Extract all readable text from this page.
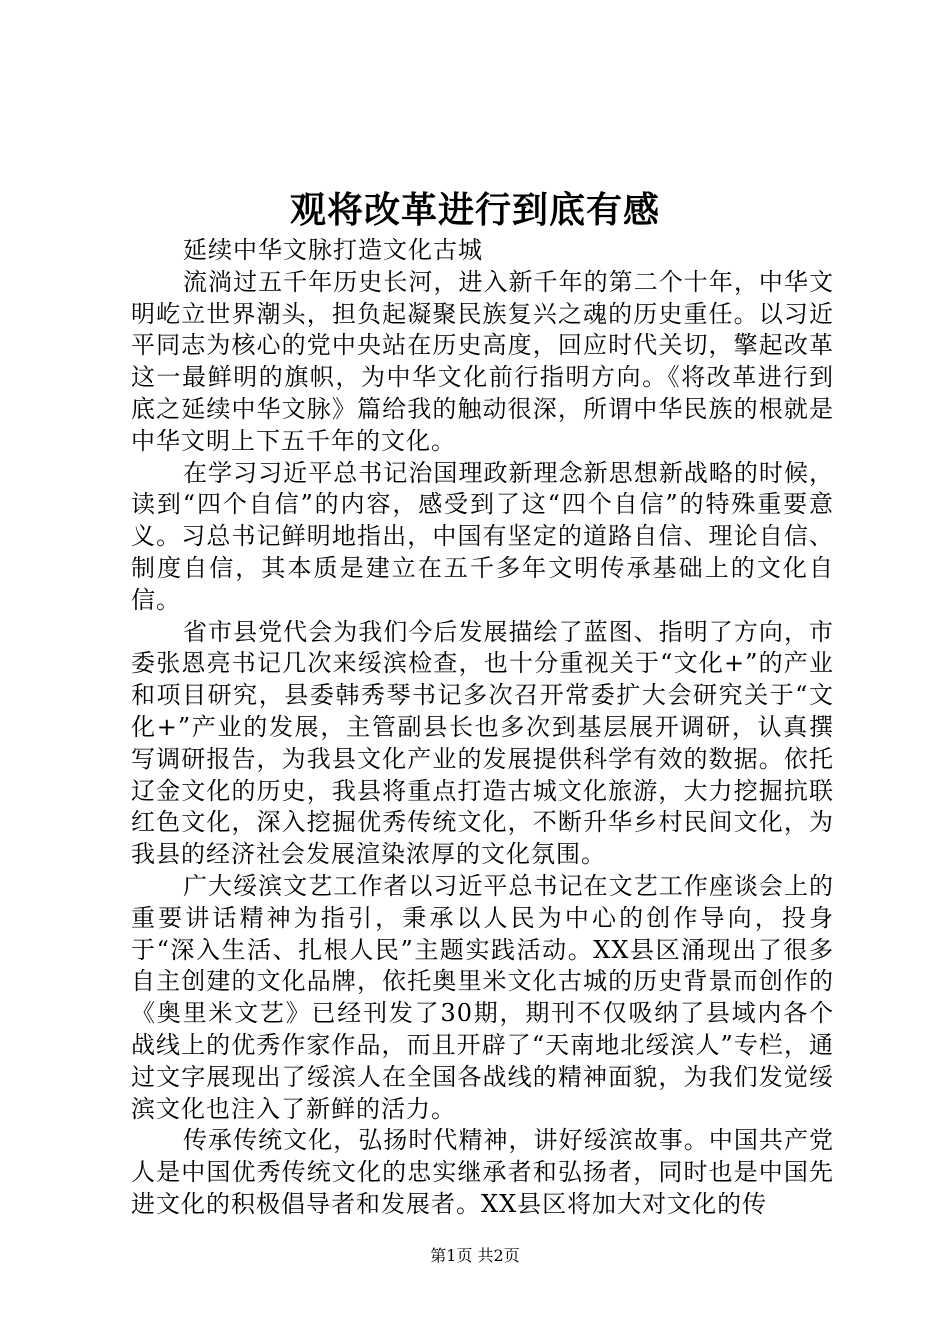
观将改革进行到底有感

延续中华文脉打造文化古城

流淌过五千年历史长河，进入新千年的第二个十年，中华文明屹立世界潮头，担负起凝聚民族复兴之魂的历史重任。以习近平同志为核心的党中央站在历史高度，回应时代关切，擎起改革这一最鲜明的旗帜，为中华文化前行指明方向。《将改革进行到底之延续中华文脉》篇给我的触动很深，所谓中华民族的根就是中华文明上下五千年的文化。

在学习习近平总书记治国理政新理念新思想新战略的时候，读到“四个自信”的内容，感受到了这“四个自信”的特殊重要意义。习总书记鲜明地指出，中国有坚定的道路自信、理论自信、制度自信，其本质是建立在五千多年文明传承基础上的文化自信。

省市县党代会为我们今后发展描绘了蓝图、指明了方向，市委张恩亮书记几次来绥滨检查，也十分重视关于“文化+”的产业和项目研究，县委韩秀琴书记多次召开常委扩大会研究关于“文化+”产业的发展，主管副县长也多次到基层展开调研，认真撰写调研报告，为我县文化产业的发展提供科学有效的数据。依托辽金文化的历史，我县将重点打造古城文化旅游，大力挖掘抗联红色文化，深入挖掘优秀传统文化，不断升华乡村民间文化，为我县的经济社会发展渲染浓厚的文化氛围。

广大绥滨文艺工作者以习近平总书记在文艺工作座谈会上的重要讲话精神为指引，秉承以人民为中心的创作导向，投身于“深入生活、扎根人民”主题实践活动。XX县区涌现出了很多自主创建的文化品牌，依托奥里米文化古城的历史背景而创作的《奥里米文艺》已经刊发了30期，期刊不仅吸纳了县域内各个战线上的优秀作家作品，而且开辟了“天南地北绥滨人”专栏，通过文字展现出了绥滨人在全国各战线的精神面貌，为我们发觉绥滨文化也注入了新鲜的活力。

传承传统文化，弘扬时代精神，讲好绥滨故事。中国共产党人是中国优秀传统文化的忠实继承者和弘扬者，同时也是中国先进文化的积极倡导者和发展者。XX县区将加大对文化的传

第1页 共2页
